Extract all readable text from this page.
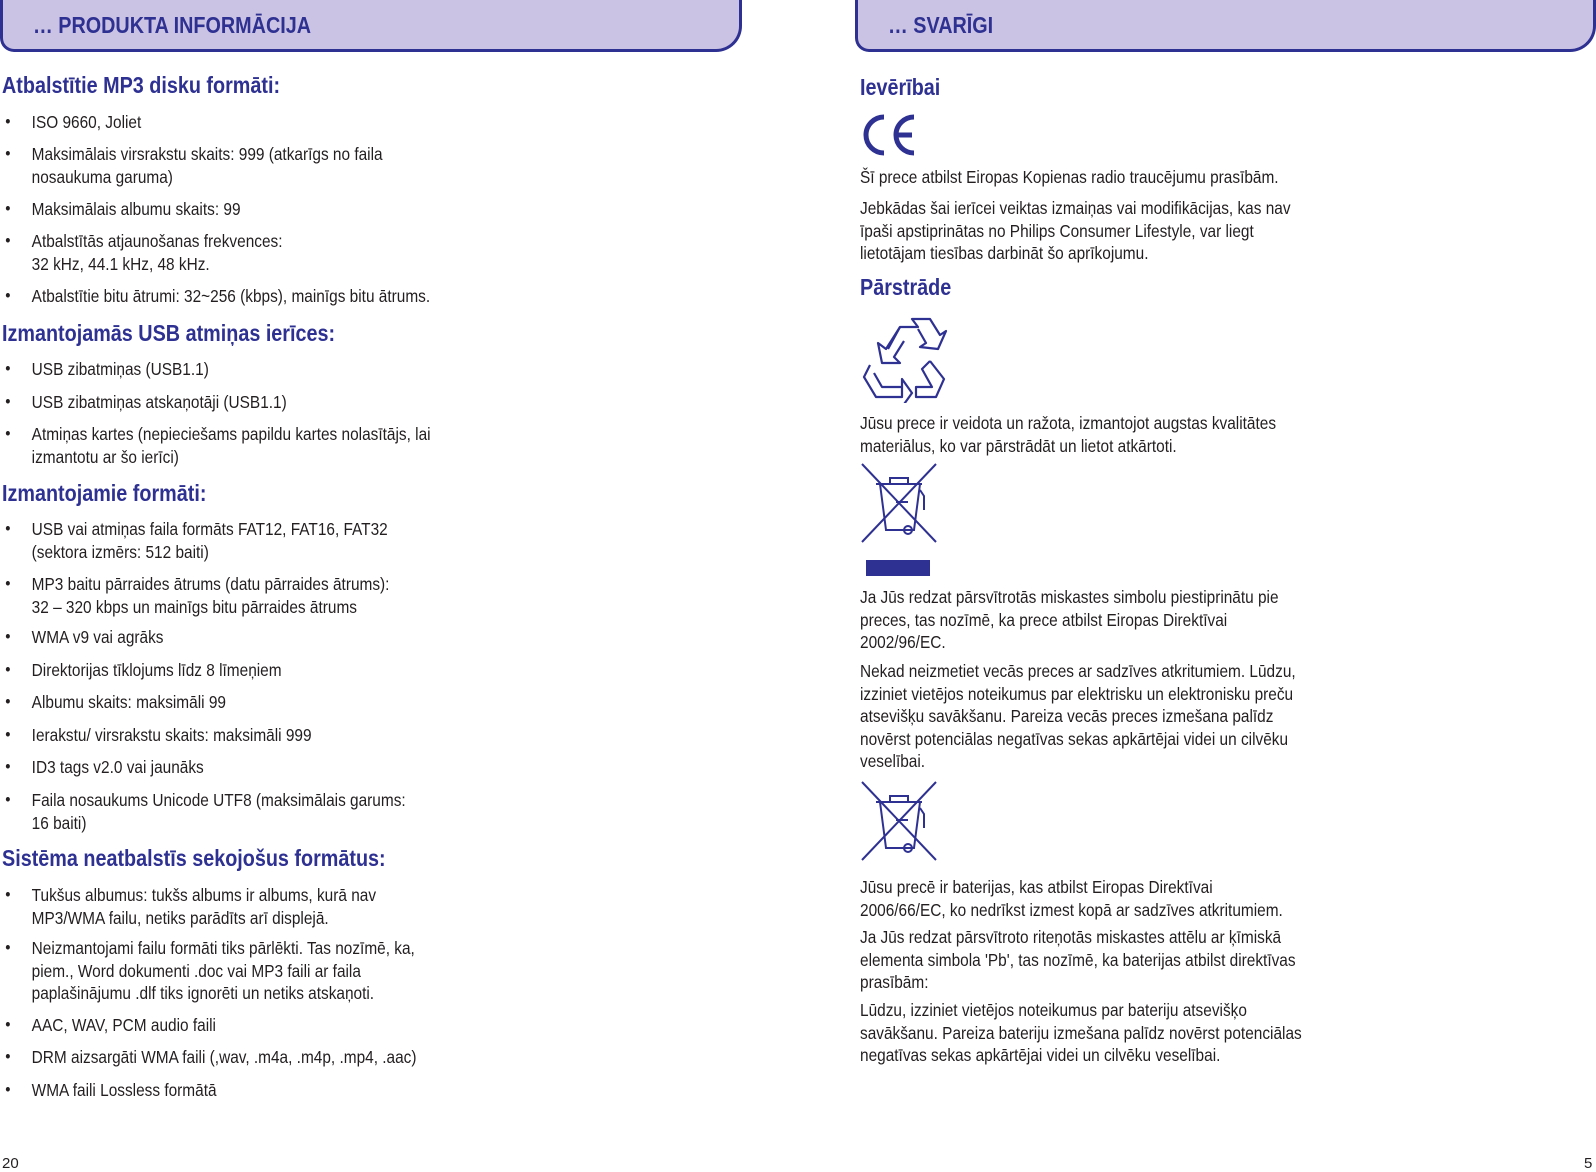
… PRODUKTA INFORMĀCIJA
Atbalstītie MP3 disku formāti:
• ISO 9660, Joliet
• Maksimālais virsrakstu skaits: 999 (atkarīgs no faila
nosaukuma garuma)
• Maksimālais albumu skaits: 99
• Atbalstītās atjaunošanas frekvences:
32 kHz, 44.1 kHz, 48 kHz.
• Atbalstītie bitu ātrumi: 32~256 (kbps), mainīgs bitu ātrums.
Izmantojamās USB atmiņas ierīces:
• USB zibatmiņas (USB1.1)
• USB zibatmiņas atskaņotāji (USB1.1)
• Atmiņas kartes (nepieciešams papildu kartes nolasītājs, lai
izmantotu ar šo ierīci)
Izmantojamie formāti:
• USB vai atmiņas faila formāts FAT12, FAT16, FAT32
(sektora izmērs: 512 baiti)
• MP3 baitu pārraides ātrums (datu pārraides ātrums):
32 – 320 kbps un mainīgs bitu pārraides ātrums
• WMA v9 vai agrāks
• Direktorijas tīklojums līdz 8 līmeņiem
• Albumu skaits: maksimāli 99
• Ierakstu/ virsrakstu skaits: maksimāli 999
• ID3 tags v2.0 vai jaunāks
• Faila nosaukums Unicode UTF8 (maksimālais garums:
16 baiti)
Sistēma neatbalstīs sekojošus formātus:
• Tukšus albumus: tukšs albums ir albums, kurā nav
MP3/WMA failu, netiks parādīts arī displejā.
• Neizmantojami failu formāti tiks pārlēkti. Tas nozīmē, ka,
piem., Word dokumenti .doc vai MP3 faili ar faila
paplašinājumu .dlf tiks ignorēti un netiks atskaņoti.
• AAC, WAV, PCM audio faili
• DRM aizsargāti WMA faili (,wav, .m4a, .m4p, .mp4, .aac)
• WMA faili Lossless formātā
20
… SVARĪGI
Ievērībai
Šī prece atbilst Eiropas Kopienas radio traucējumu prasībām.
Jebkādas šai ierīcei veiktas izmaiņas vai modifikācijas, kas nav
īpaši apstiprinātas no Philips Consumer Lifestyle, var liegt
lietotājam tiesības darbināt šo aprīkojumu.
Pārstrāde
Jūsu prece ir veidota un ražota, izmantojot augstas kvalitātes
materiālus, ko var pārstrādāt un lietot atkārtoti.
Ja Jūs redzat pārsvītrotās miskastes simbolu piestiprinātu pie
preces, tas nozīmē, ka prece atbilst Eiropas Direktīvai
2002/96/EC.
Nekad neizmetiet vecās preces ar sadzīves atkritumiem. Lūdzu,
izziniet vietējos noteikumus par elektrisku un elektronisku preču
atsevišķu savākšanu. Pareiza vecās preces izmešana palīdz
novērst potenciālas negatīvas sekas apkārtējai videi un cilvēku
veselībai.
Jūsu precē ir baterijas, kas atbilst Eiropas Direktīvai
2006/66/EC, ko nedrīkst izmest kopā ar sadzīves atkritumiem.
Ja Jūs redzat pārsvītroto riteņotās miskastes attēlu ar ķīmiskā
elementa simbola 'Pb', tas nozīmē, ka baterijas atbilst direktīvas
prasībām:
Lūdzu, izziniet vietējos noteikumus par bateriju atsevišķo
savākšanu. Pareiza bateriju izmešana palīdz novērst potenciālas
negatīvas sekas apkārtējai videi un cilvēku veselībai.
5
